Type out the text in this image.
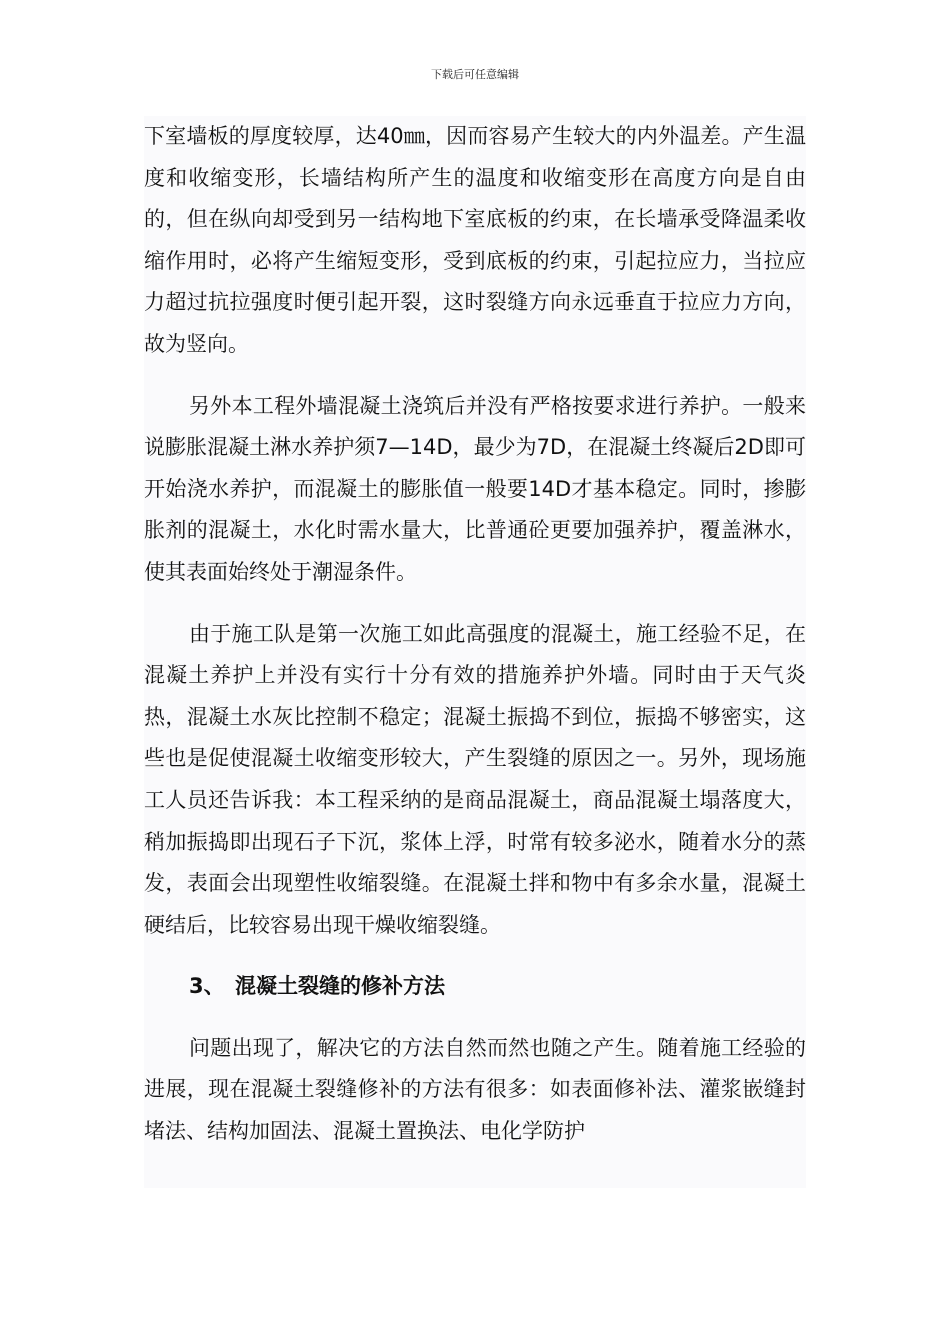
下载后可任意编辑

下室墙板的厚度较厚，达40㎜，因而容易产生较大的内外温差。产生温度和收缩变形，长墙结构所产生的温度和收缩变形在高度方向是自由的，但在纵向却受到另一结构地下室底板的约束，在长墙承受降温柔收缩作用时，必将产生缩短变形，受到底板的约束，引起拉应力，当拉应力超过抗拉强度时便引起开裂，这时裂缝方向永远垂直于拉应力方向，故为竖向。

另外本工程外墙混凝土浇筑后并没有严格按要求进行养护。一般来说膨胀混凝土淋水养护须7—14D，最少为7D，在混凝土终凝后2D即可开始浇水养护，而混凝土的膨胀值一般要14D才基本稳定。同时，掺膨胀剂的混凝土，水化时需水量大，比普通砼更要加强养护，覆盖淋水，使其表面始终处于潮湿条件。

由于施工队是第一次施工如此高强度的混凝土，施工经验不足，在混凝土养护上并没有实行十分有效的措施养护外墙。同时由于天气炎热，混凝土水灰比控制不稳定；混凝土振捣不到位，振捣不够密实，这些也是促使混凝土收缩变形较大，产生裂缝的原因之一。另外，现场施工人员还告诉我：本工程采纳的是商品混凝土，商品混凝土塌落度大，稍加振捣即出现石子下沉，浆体上浮，时常有较多泌水，随着水分的蒸发，表面会出现塑性收缩裂缝。在混凝土拌和物中有多余水量，混凝土硬结后，比较容易出现干燥收缩裂缝。

3、 混凝土裂缝的修补方法

问题出现了，解决它的方法自然而然也随之产生。随着施工经验的进展，现在混凝土裂缝修补的方法有很多：如表面修补法、灌浆嵌缝封堵法、结构加固法、混凝土置换法、电化学防护
